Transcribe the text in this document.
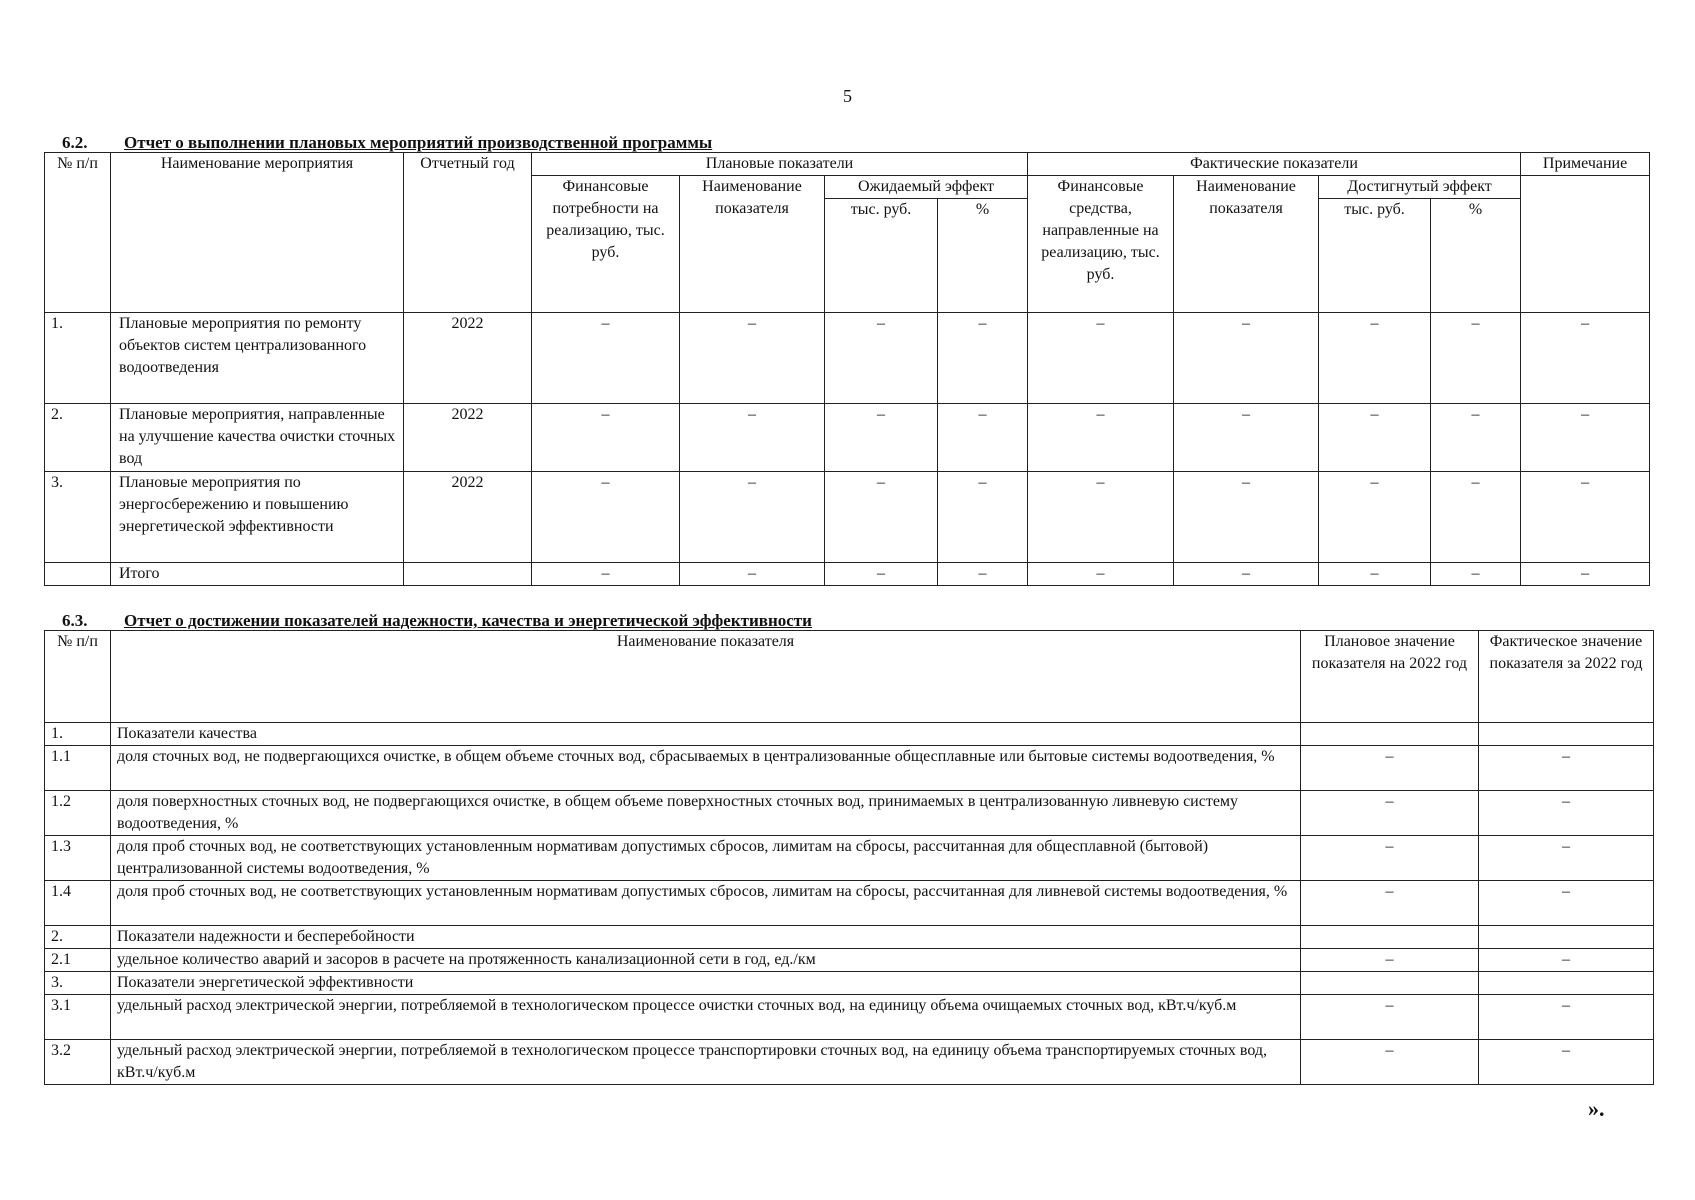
5
6.2. Отчет о выполнении плановых мероприятий производственной программы
№ п/п	Наименование мероприятия	Отчетный год	Плановые показатели				Фактические показатели				Примечание
			Финансовые потребности на реализацию, тыс. руб.	Наименование показателя	Ожидаемый эффект		Финансовые средства, направленные на реализацию, тыс. руб.	Наименование показателя	Достигнутый эффект		
					тыс. руб.	%			тыс. руб.	%	
1.	Плановые мероприятия по ремонту объектов систем централизованного водоотведения	2022	–	–	–	–	–	–	–	–	–
2.	Плановые мероприятия, направленные на улучшение качества очистки сточных вод	2022	–	–	–	–	–	–	–	–	–
3.	Плановые мероприятия по энергосбережению и повышению энергетической эффективности	2022	–	–	–	–	–	–	–	–	–
	Итого		–	–	–	–	–	–	–	–	–
6.3. Отчет о достижении показателей надежности, качества и энергетической эффективности
№ п/п	Наименование показателя	Плановое значение показателя на 2022 год	Фактическое значение показателя за 2022 год
1.	Показатели качества		
1.1	доля сточных вод, не подвергающихся очистке, в общем объеме сточных вод, сбрасываемых в централизованные общесплавные или бытовые системы водоотведения, %	–	–
1.2	доля поверхностных сточных вод, не подвергающихся очистке, в общем объеме поверхностных сточных вод, принимаемых в централизованную ливневую систему водоотведения, %	–	–
1.3	доля проб сточных вод, не соответствующих установленным нормативам допустимых сбросов, лимитам на сбросы, рассчитанная для общесплавной (бытовой) централизованной системы водоотведения, %	–	–
1.4	доля проб сточных вод, не соответствующих установленным нормативам допустимых сбросов, лимитам на сбросы, рассчитанная для ливневой системы водоотведения, %	–	–
2.	Показатели надежности и бесперебойности		
2.1	удельное количество аварий и засоров в расчете на протяженность канализационной сети в год, ед./км	–	–
3.	Показатели энергетической эффективности		
3.1	удельный расход электрической энергии, потребляемой в технологическом процессе очистки сточных вод, на единицу объема очищаемых сточных вод, кВт.ч/куб.м	–	–
3.2	удельный расход электрической энергии, потребляемой в технологическом процессе транспортировки сточных вод, на единицу объема транспортируемых сточных вод, кВт.ч/куб.м	–	–
».
